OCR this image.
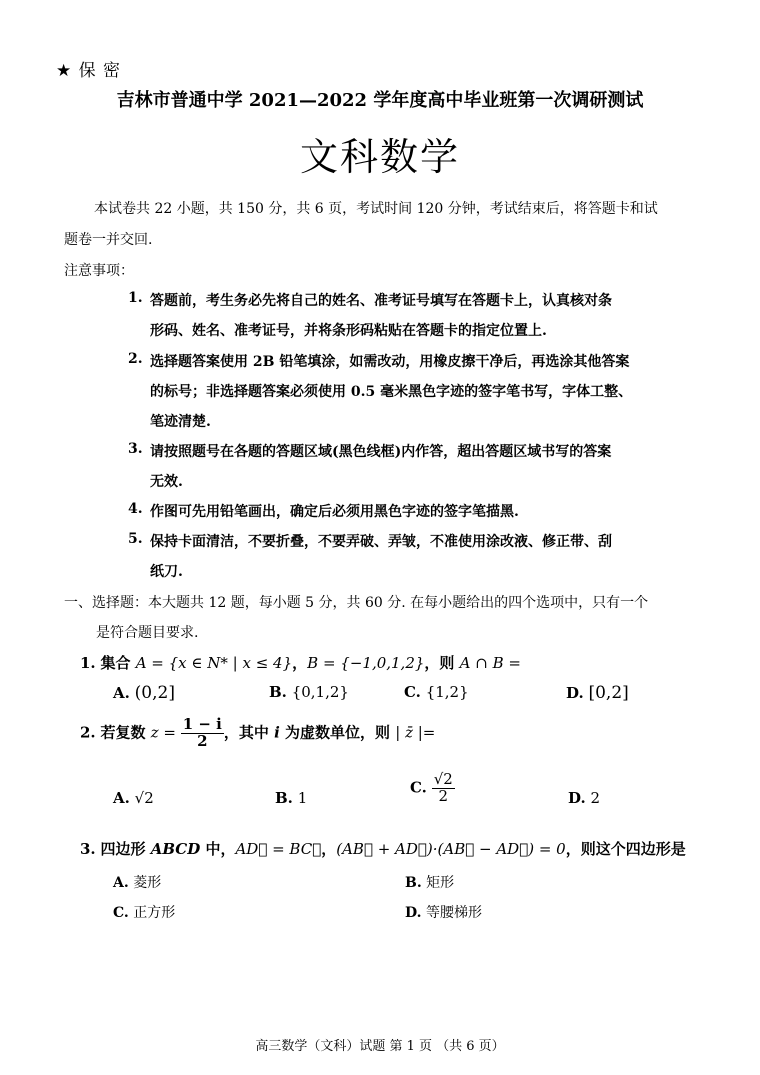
★ 保 密
吉林市普通中学 2021—2022 学年度高中毕业班第一次调研测试
文科数学
本试卷共 22 小题，共 150 分，共 6 页，考试时间 120 分钟，考试结束后，将答题卡和试
题卷一并交回.
注意事项：
1. 答题前，考生务必先将自己的姓名、准考证号填写在答题卡上，认真核对条
形码、姓名、准考证号，并将条形码粘贴在答题卡的指定位置上.
2. 选择题答案使用 2B 铅笔填涂，如需改动，用橡皮擦干净后，再选涂其他答案
的标号；非选择题答案必须使用 0.5 毫米黑色字迹的签字笔书写，字体工整、
笔迹清楚.
3. 请按照题号在各题的答题区域(黑色线框)内作答，超出答题区域书写的答案
无效.
4. 作图可先用铅笔画出，确定后必须用黑色字迹的签字笔描黑.
5. 保持卡面清洁，不要折叠，不要弄破、弄皱，不准使用涂改液、修正带、刮
纸刀.
一、选择题：本大题共 12 题，每小题 5 分，共 60 分. 在每小题给出的四个选项中，只有一个
是符合题目要求.
1. 集合 A = {x ∈ N* | x ≤ 4}，B = {−1,0,1,2}，则 A ∩ B =
A. (0,2]	B. {0,1,2}	C. {1,2}	D. [0,2]
2. 若复数 $z = \frac{1 - i}{2}$ ，其中 i 为虚数单位，则 | z̄ |=
A. √2	B. 1
C. $\frac{√2}{2}$	D. 2
3. 四边形 ABCD 中，AD⃗ = BC⃗，(AB⃗ + AD⃗)·(AB⃗ − AD⃗) = 0，则这个四边形是
A. 菱形	B. 矩形
C. 正方形	D. 等腰梯形
高三数学（文科）试题 第 1 页 （共 6 页）
